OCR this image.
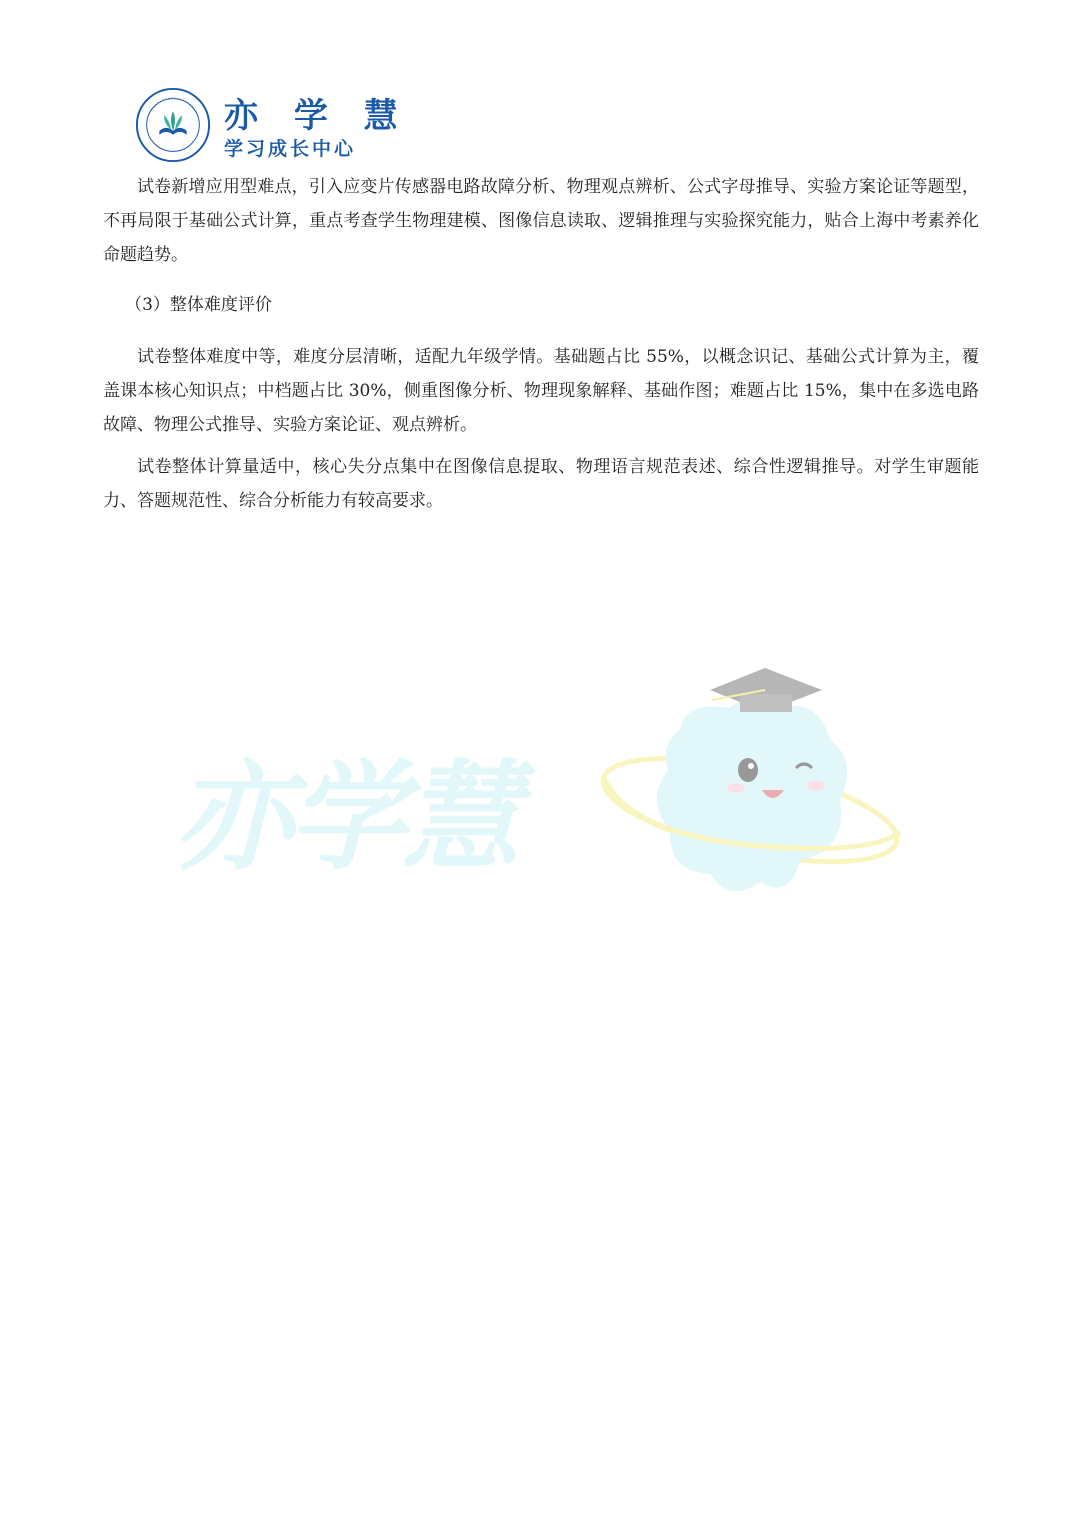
亦 学 慧
学习成长中心

试卷新增应用型难点，引入应变片传感器电路故障分析、物理观点辨析、公式字母推导、实验方案论证等题型，不再局限于基础公式计算，重点考查学生物理建模、图像信息读取、逻辑推理与实验探究能力，贴合上海中考素养化命题趋势。

（3）整体难度评价

试卷整体难度中等，难度分层清晰，适配九年级学情。基础题占比 55%，以概念识记、基础公式计算为主，覆盖课本核心知识点；中档题占比 30%，侧重图像分析、物理现象解释、基础作图；难题占比 15%，集中在多选电路故障、物理公式推导、实验方案论证、观点辨析。

试卷整体计算量适中，核心失分点集中在图像信息提取、物理语言规范表述、综合性逻辑推导。对学生审题能力、答题规范性、综合分析能力有较高要求。

亦学慧
